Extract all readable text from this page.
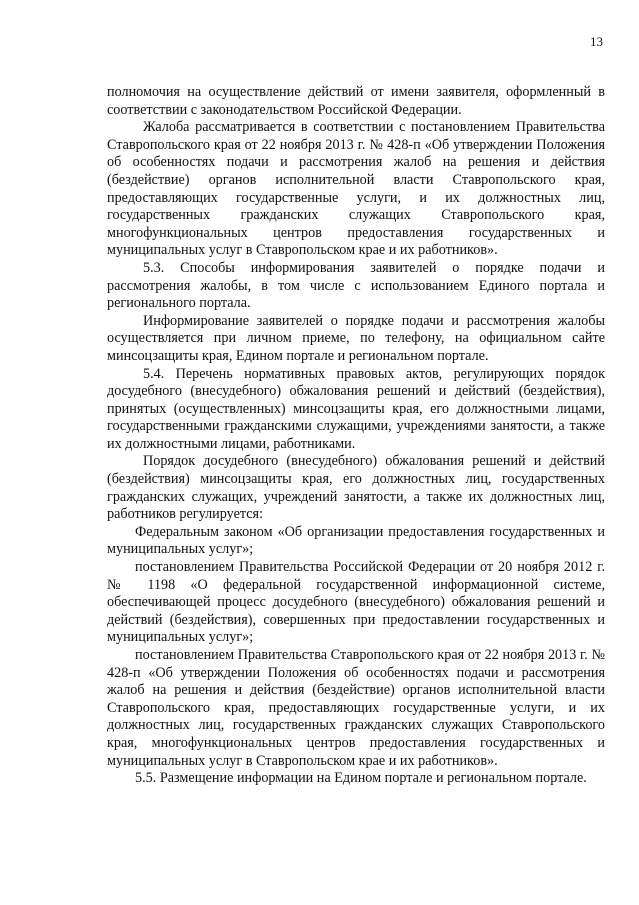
13

полномочия на осуществление действий от имени заявителя, оформленный в соответствии с законодательством Российской Федерации.

Жалоба рассматривается в соответствии с постановлением Правительства Ставропольского края от 22 ноября 2013 г. № 428-п «Об утверждении Положения об особенностях подачи и рассмотрения жалоб на решения и действия (бездействие) органов исполнительной власти Ставропольского края, предоставляющих государственные услуги, и их должностных лиц, государственных гражданских служащих Ставропольского края, многофункциональных центров предоставления государственных и муниципальных услуг в Ставропольском крае и их работников».

5.3. Способы информирования заявителей о порядке подачи и рассмотрения жалобы, в том числе с использованием Единого портала и регионального портала.

Информирование заявителей о порядке подачи и рассмотрения жалобы осуществляется при личном приеме, по телефону, на официальном сайте минсоцзащиты края, Едином портале и региональном портале.

5.4. Перечень нормативных правовых актов, регулирующих порядок досудебного (внесудебного) обжалования решений и действий (бездействия), принятых (осуществленных) минсоцзащиты края, его должностными лицами, государственными гражданскими служащими, учреждениями занятости, а также их должностными лицами, работниками.

Порядок досудебного (внесудебного) обжалования решений и действий (бездействия) минсоцзащиты края, его должностных лиц, государственных гражданских служащих, учреждений занятости, а также их должностных лиц, работников регулируется:

Федеральным законом «Об организации предоставления государственных и муниципальных услуг»;

постановлением Правительства Российской Федерации от 20 ноября 2012 г. № 1198 «О федеральной государственной информационной системе, обеспечивающей процесс досудебного (внесудебного) обжалования решений и действий (бездействия), совершенных при предоставлении государственных и муниципальных услуг»;

постановлением Правительства Ставропольского края от 22 ноября 2013 г. № 428-п «Об утверждении Положения об особенностях подачи и рассмотрения жалоб на решения и действия (бездействие) органов исполнительной власти Ставропольского края, предоставляющих государственные услуги, и их должностных лиц, государственных гражданских служащих Ставропольского края, многофункциональных центров предоставления государственных и муниципальных услуг в Ставропольском крае и их работников».

5.5. Размещение информации на Едином портале и региональном портале.
